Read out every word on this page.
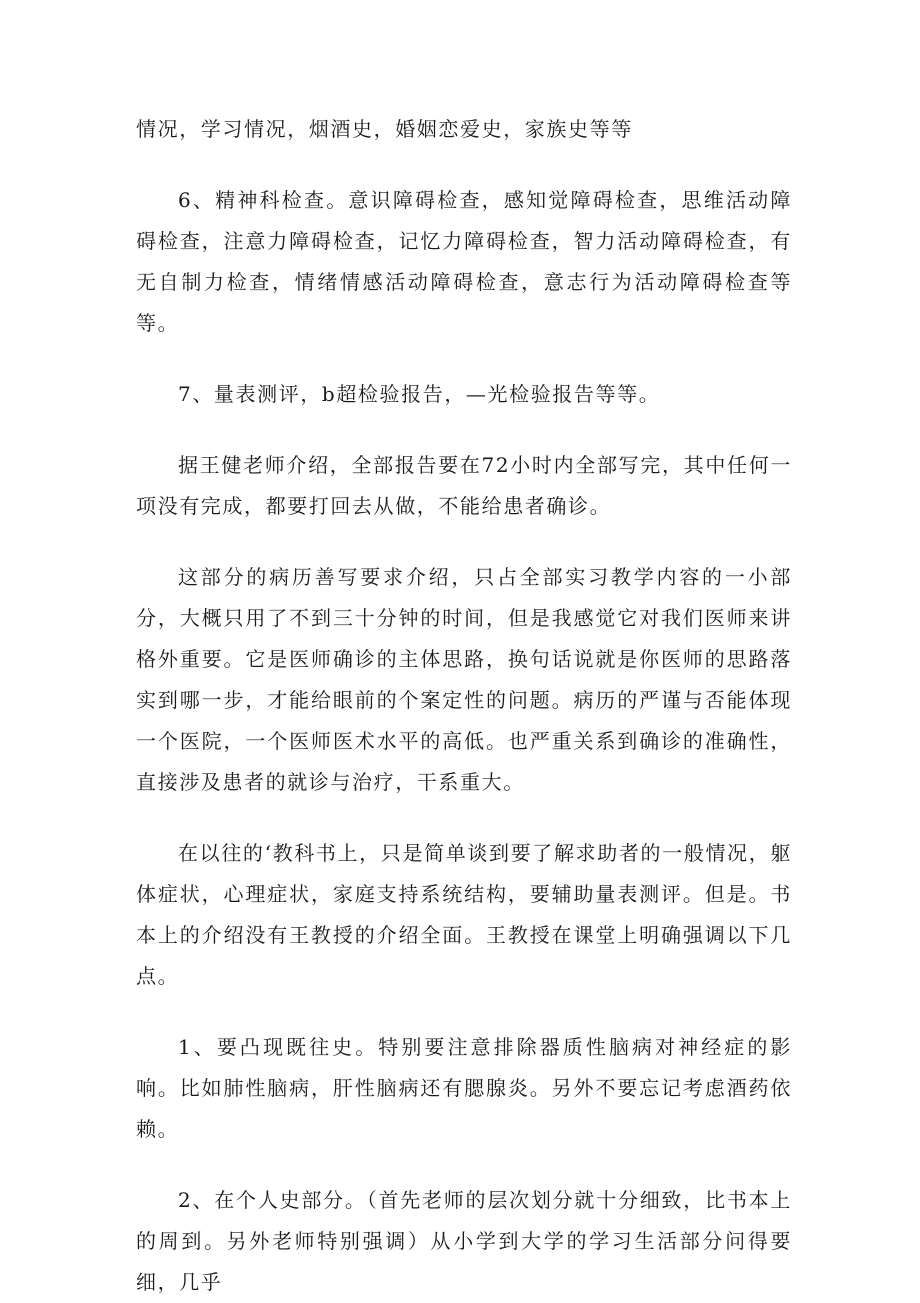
情况，学习情况，烟酒史，婚姻恋爱史，家族史等等

6、精神科检查。意识障碍检查，感知觉障碍检查，思维活动障碍检查，注意力障碍检查，记忆力障碍检查，智力活动障碍检查，有无自制力检查，情绪情感活动障碍检查，意志行为活动障碍检查等等。

7、量表测评，b超检验报告，—光检验报告等等。

据王健老师介绍，全部报告要在72小时内全部写完，其中任何一项没有完成，都要打回去从做，不能给患者确诊。

这部分的病历善写要求介绍，只占全部实习教学内容的一小部分，大概只用了不到三十分钟的时间，但是我感觉它对我们医师来讲格外重要。它是医师确诊的主体思路，换句话说就是你医师的思路落实到哪一步，才能给眼前的个案定性的问题。病历的严谨与否能体现一个医院，一个医师医术水平的高低。也严重关系到确诊的准确性，直接涉及患者的就诊与治疗，干系重大。

在以往的‘教科书上，只是简单谈到要了解求助者的一般情况，躯体症状，心理症状，家庭支持系统结构，要辅助量表测评。但是。书本上的介绍没有王教授的介绍全面。王教授在课堂上明确强调以下几点。

1、要凸现既往史。特别要注意排除器质性脑病对神经症的影响。比如肺性脑病，肝性脑病还有腮腺炎。另外不要忘记考虑酒药依赖。

2、在个人史部分。（首先老师的层次划分就十分细致，比书本上的周到。另外老师特别强调）从小学到大学的学习生活部分问得要细，几乎
